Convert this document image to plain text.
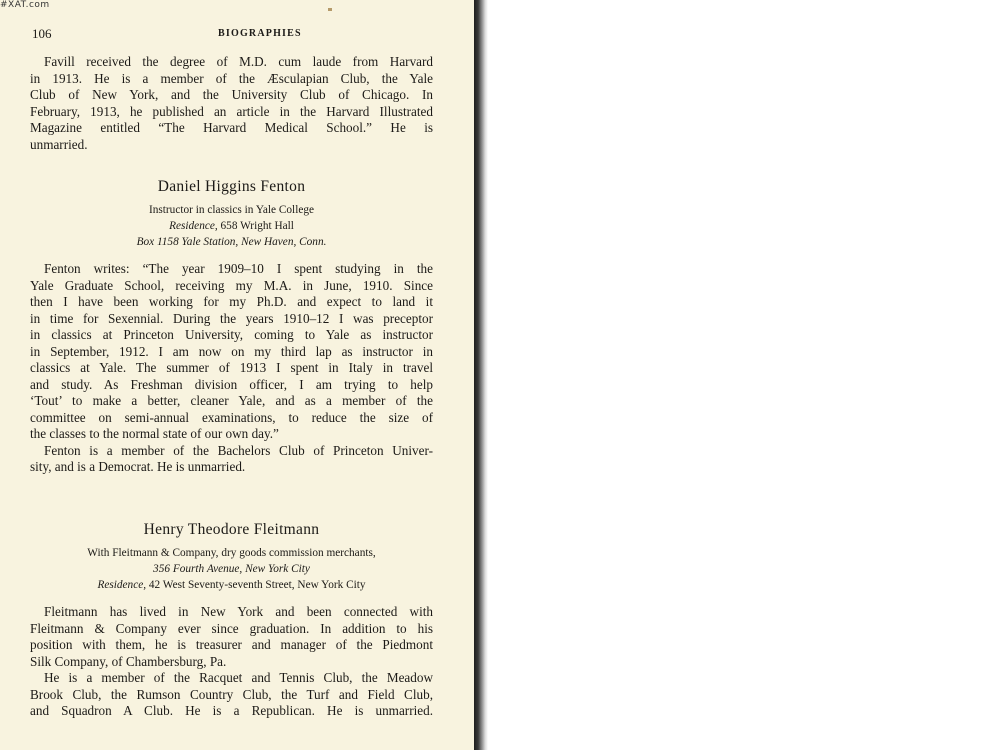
106	BIOGRAPHIES
Favill received the degree of M.D. cum laude from Harvard
in 1913. He is a member of the Æsculapian Club, the Yale
Club of New York, and the University Club of Chicago. In
February, 1913, he published an article in the Harvard Illustrated
Magazine entitled “The Harvard Medical School.” He is
unmarried.
Daniel Higgins Fenton
Instructor in classics in Yale College
Residence, 658 Wright Hall
Box 1158 Yale Station, New Haven, Conn.
Fenton writes: “The year 1909–10 I spent studying in the
Yale Graduate School, receiving my M.A. in June, 1910. Since
then I have been working for my Ph.D. and expect to land it
in time for Sexennial. During the years 1910–12 I was preceptor
in classics at Princeton University, coming to Yale as instructor
in September, 1912. I am now on my third lap as instructor in
classics at Yale. The summer of 1913 I spent in Italy in travel
and study. As Freshman division officer, I am trying to help
‘Tout’ to make a better, cleaner Yale, and as a member of the
committee on semi-annual examinations, to reduce the size of
the classes to the normal state of our own day.”
Fenton is a member of the Bachelors Club of Princeton Univer-
sity, and is a Democrat. He is unmarried.
Henry Theodore Fleitmann
With Fleitmann & Company, dry goods commission merchants,
356 Fourth Avenue, New York City
Residence, 42 West Seventy-seventh Street, New York City
Fleitmann has lived in New York and been connected with
Fleitmann & Company ever since graduation. In addition to his
position with them, he is treasurer and manager of the Piedmont
Silk Company, of Chambersburg, Pa.
He is a member of the Racquet and Tennis Club, the Meadow
Brook Club, the Rumson Country Club, the Turf and Field Club,
and Squadron A Club. He is a Republican. He is unmarried.
#XAT.com
